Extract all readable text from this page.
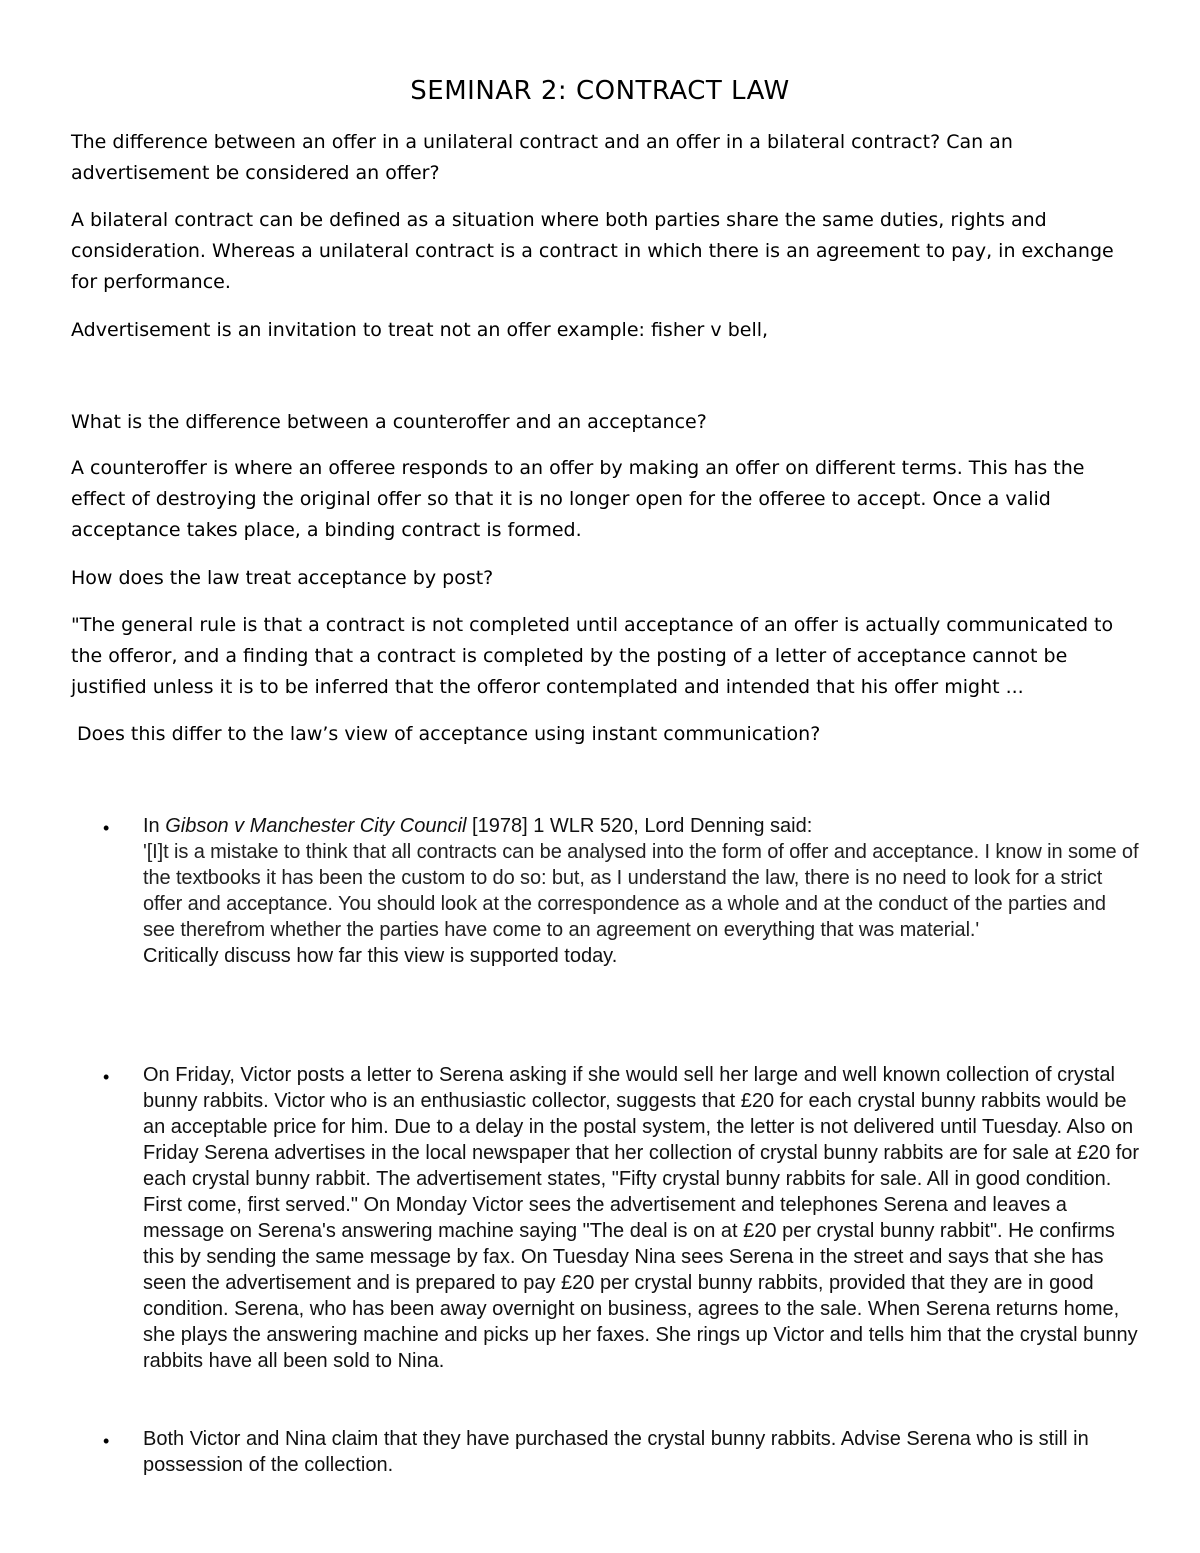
SEMINAR 2: CONTRACT LAW

The difference between an offer in a unilateral contract and an offer in a bilateral contract? Can an advertisement be considered an offer?

A bilateral contract can be defined as a situation where both parties share the same duties, rights and consideration. Whereas a unilateral contract is a contract in which there is an agreement to pay, in exchange for performance.

Advertisement is an invitation to treat not an offer example: fisher v bell,

What is the difference between a counteroffer and an acceptance?

A counteroffer is where an offeree responds to an offer by making an offer on different terms. This has the effect of destroying the original offer so that it is no longer open for the offeree to accept. Once a valid acceptance takes place, a binding contract is formed.

How does the law treat acceptance by post?

"The general rule is that a contract is not completed until acceptance of an offer is actually communicated to the offeror, and a finding that a contract is completed by the posting of a letter of acceptance cannot be justified unless it is to be inferred that the offeror contemplated and intended that his offer might ...

Does this differ to the law’s view of acceptance using instant communication?

• In Gibson v Manchester City Council [1978] 1 WLR 520, Lord Denning said:
'[I]t is a mistake to think that all contracts can be analysed into the form of offer and acceptance. I know in some of the textbooks it has been the custom to do so: but, as I understand the law, there is no need to look for a strict offer and acceptance. You should look at the correspondence as a whole and at the conduct of the parties and see therefrom whether the parties have come to an agreement on everything that was material.'
Critically discuss how far this view is supported today.
• On Friday, Victor posts a letter to Serena asking if she would sell her large and well known collection of crystal bunny rabbits. Victor who is an enthusiastic collector, suggests that £20 for each crystal bunny rabbits would be an acceptable price for him. Due to a delay in the postal system, the letter is not delivered until Tuesday. Also on Friday Serena advertises in the local newspaper that her collection of crystal bunny rabbits are for sale at £20 for each crystal bunny rabbit. The advertisement states, "Fifty crystal bunny rabbits for sale. All in good condition. First come, first served." On Monday Victor sees the advertisement and telephones Serena and leaves a message on Serena's answering machine saying "The deal is on at £20 per crystal bunny rabbit". He confirms this by sending the same message by fax. On Tuesday Nina sees Serena in the street and says that she has seen the advertisement and is prepared to pay £20 per crystal bunny rabbits, provided that they are in good condition. Serena, who has been away overnight on business, agrees to the sale. When Serena returns home, she plays the answering machine and picks up her faxes. She rings up Victor and tells him that the crystal bunny rabbits have all been sold to Nina.
• Both Victor and Nina claim that they have purchased the crystal bunny rabbits. Advise Serena who is still in possession of the collection.
